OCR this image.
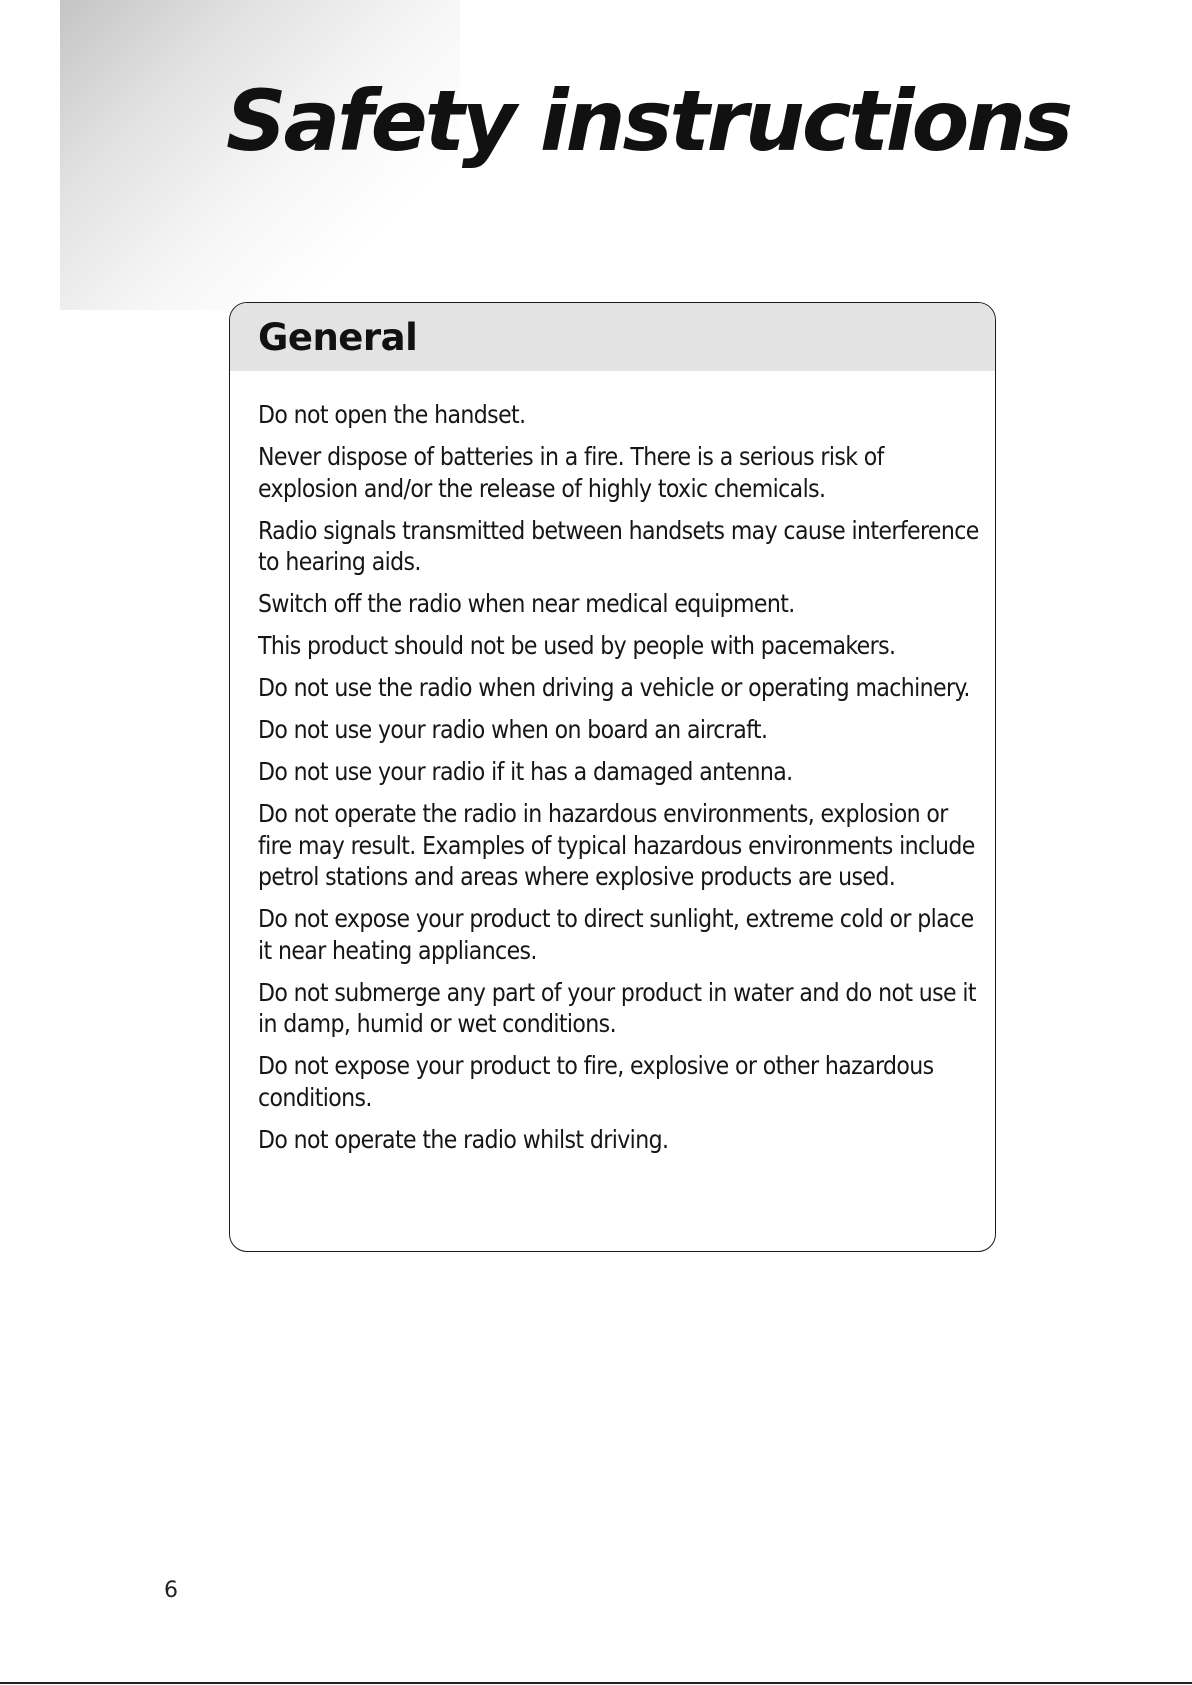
Safety instructions
General
Do not open the handset.
Never dispose of batteries in a fire. There is a serious risk of explosion and/or the release of highly toxic chemicals.
Radio signals transmitted between handsets may cause interference to hearing aids.
Switch off the radio when near medical equipment.
This product should not be used by people with pacemakers.
Do not use the radio when driving a vehicle or operating machinery.
Do not use your radio when on board an aircraft.
Do not use your radio if it has a damaged antenna.
Do not operate the radio in hazardous environments, explosion or fire may result. Examples of typical hazardous environments include petrol stations and areas where explosive products are used.
Do not expose your product to direct sunlight, extreme cold or place it near heating appliances.
Do not submerge any part of your product in water and do not use it in damp, humid or wet conditions.
Do not expose your product to fire, explosive or other hazardous conditions.
Do not operate the radio whilst driving.
6
